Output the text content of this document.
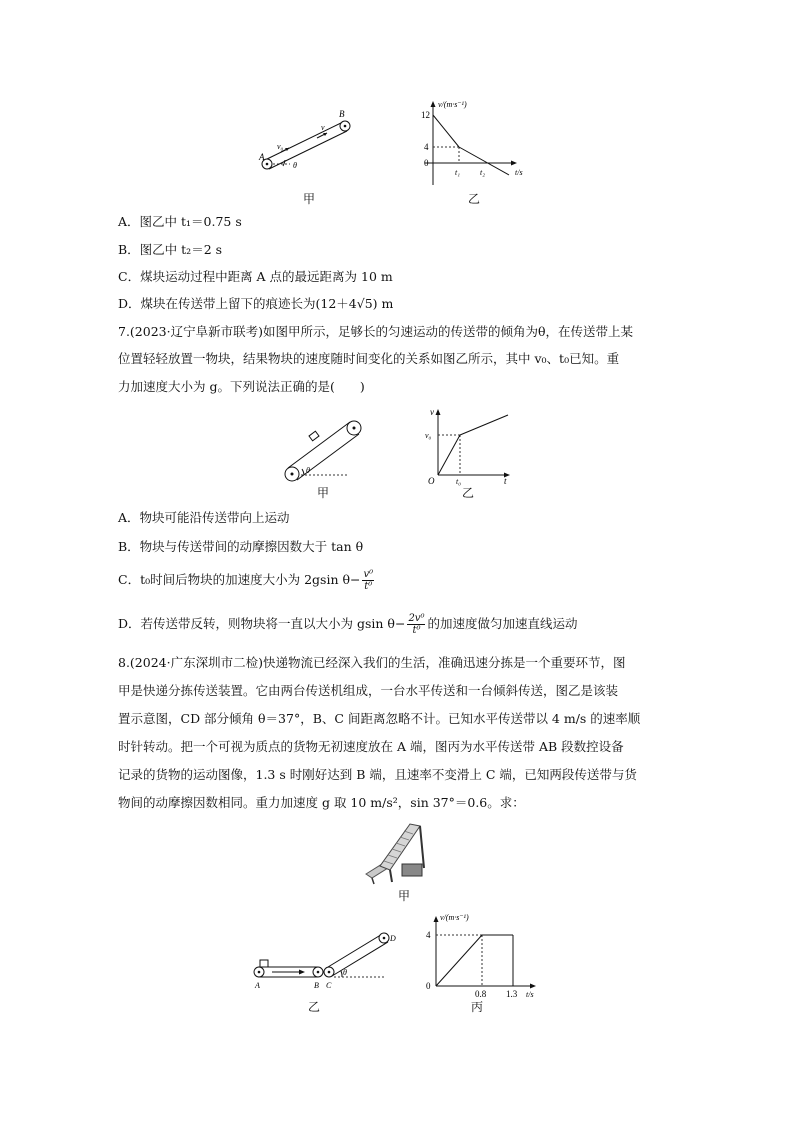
A
B
v₀
v
θ
甲
v/(m·s⁻¹)
12
4
0
t₁ t₂	t/s
乙
A．图乙中 t₁＝0.75 s
B．图乙中 t₂＝2 s
C．煤块运动过程中距离 A 点的最远距离为 10 m
D．煤块在传送带上留下的痕迹长为(12＋4√5) m
7.(2023·辽宁阜新市联考)如图甲所示，足够长的匀速运动的传送带的倾角为θ，在传送带上某
位置轻轻放置一物块，结果物块的速度随时间变化的关系如图乙所示，其中 v₀、t₀已知。重
力加速度大小为 g。下列说法正确的是(　　)
θ
甲
v
v₀
O	t₀	t
乙
A．物块可能沿传送带向上运动
B．物块与传送带间的动摩擦因数大于 tan θ
C．t₀时间后物块的加速度大小为 2gsin $\theta- \frac{\text{v⁰}}{\text{t⁰}}$
D．若传送带反转，则物块将一直以大小为 gsin $\theta- \frac{\text{2v⁰}}{\text{t⁰}}$ 的加速度做匀加速直线运动
8.(2024·广东深圳市二检)快递物流已经深入我们的生活，准确迅速分拣是一个重要环节，图
甲是快递分拣传送装置。它由两台传送机组成，一台水平传送和一台倾斜传送，图乙是该装
置示意图，CD 部分倾角 θ＝37°，B、C 间距离忽略不计。已知水平传送带以 4 m/s 的速率顺
时针转动。把一个可视为质点的货物无初速度放在 A 端，图丙为水平传送带 AB 段数控设备
记录的货物的运动图像，1.3 s 时刚好达到 B 端，且速率不变滑上 C 端，已知两段传送带与货
物间的动摩擦因数相同。重力加速度 g 取 10 m/s²，sin 37°＝0.6。求：
甲
θ
A	B C
D
乙
v/(m·s⁻¹)
4
0
0.8 1.3 t/s
丙
